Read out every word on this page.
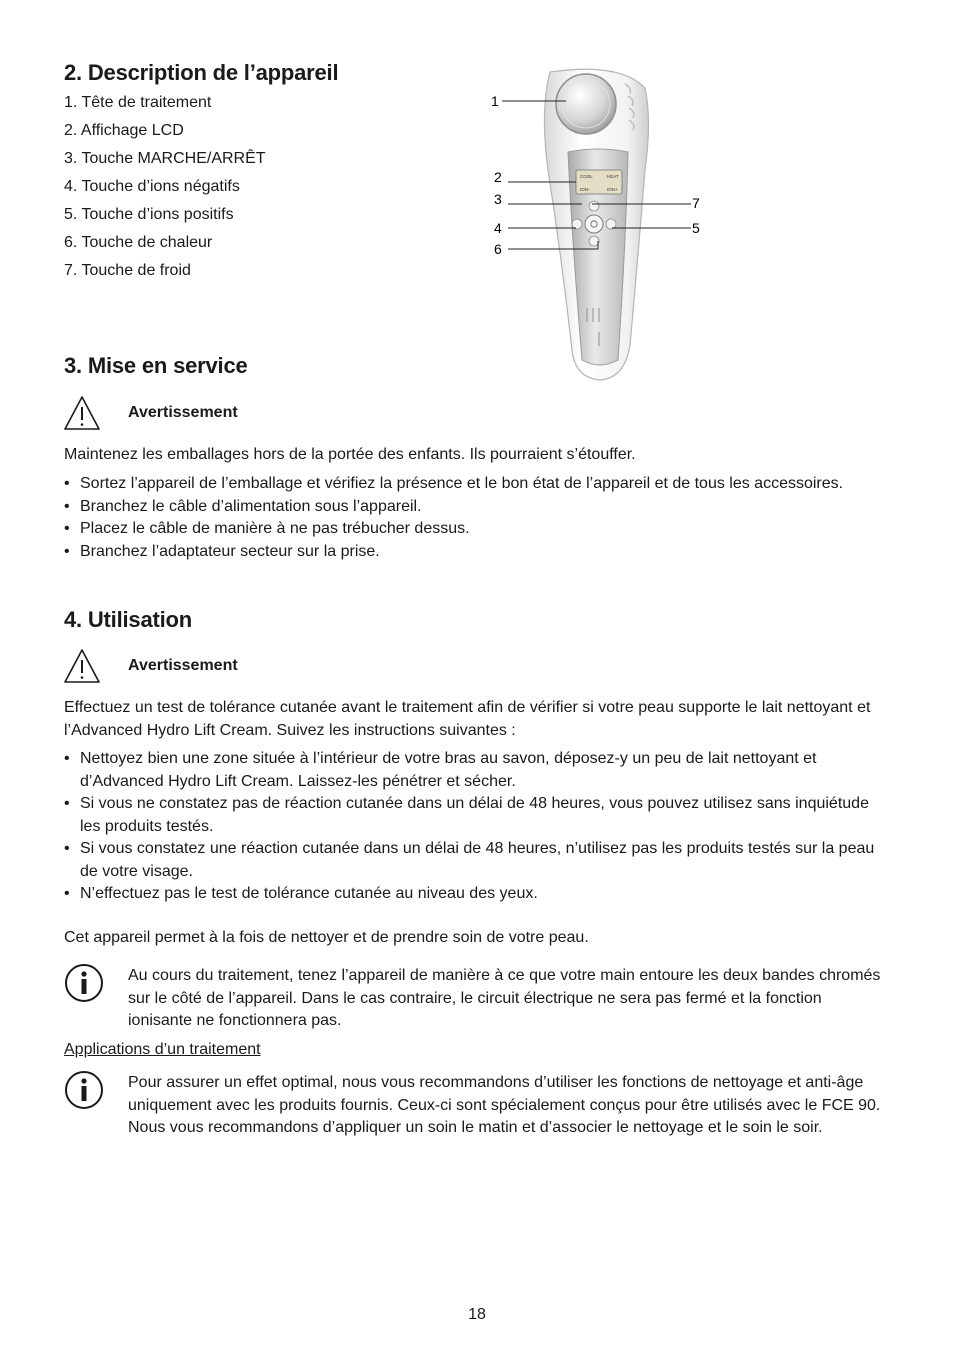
2. Description de l’appareil
1. Tête de traitement
2. Affichage LCD
3. Touche MARCHE/ARRÊT
4. Touche d’ions négatifs
5. Touche d’ions positifs
6. Touche de chaleur
7. Touche de froid
COOL	HEAT
ION-	ION+
1
2
3
4	5
6
7
3. Mise en service
Avertissement
Maintenez les emballages hors de la portée des enfants. Ils pourraient s’étouffer.
• Sortez l’appareil de l’emballage et vérifiez la présence et le bon état de l’appareil et de tous les accessoires.
• Branchez le câble d’alimentation sous l’appareil.
• Placez le câble de manière à ne pas trébucher dessus.
• Branchez l’adaptateur secteur sur la prise.
4. Utilisation
Avertissement
Effectuez un test de tolérance cutanée avant le traitement afin de vérifier si votre peau supporte le lait nettoyant et l’Advanced Hydro Lift Cream. Suivez les instructions suivantes :
• Nettoyez bien une zone située à l’intérieur de votre bras au savon, déposez-y un peu de lait nettoyant et d’Advanced Hydro Lift Cream. Laissez-les pénétrer et sécher.
• Si vous ne constatez pas de réaction cutanée dans un délai de 48 heures, vous pouvez utilisez sans inquiétude les produits testés.
• Si vous constatez une réaction cutanée dans un délai de 48 heures, n’utilisez pas les produits testés sur la peau de votre visage.
• N’effectuez pas le test de tolérance cutanée au niveau des yeux.
Cet appareil permet à la fois de nettoyer et de prendre soin de votre peau.
Au cours du traitement, tenez l’appareil de manière à ce que votre main entoure les deux bandes chromés sur le côté de l’appareil. Dans le cas contraire, le circuit électrique ne sera pas fermé et la fonction ionisante ne fonctionnera pas.
Applications d’un traitement
Pour assurer un effet optimal, nous vous recommandons d’utiliser les fonctions de nettoyage et anti-âge uniquement avec les produits fournis. Ceux-ci sont spécialement conçus pour être utilisés avec le FCE 90.
Nous vous recommandons d’appliquer un soin le matin et d’associer le nettoyage et le soin le soir.
18
